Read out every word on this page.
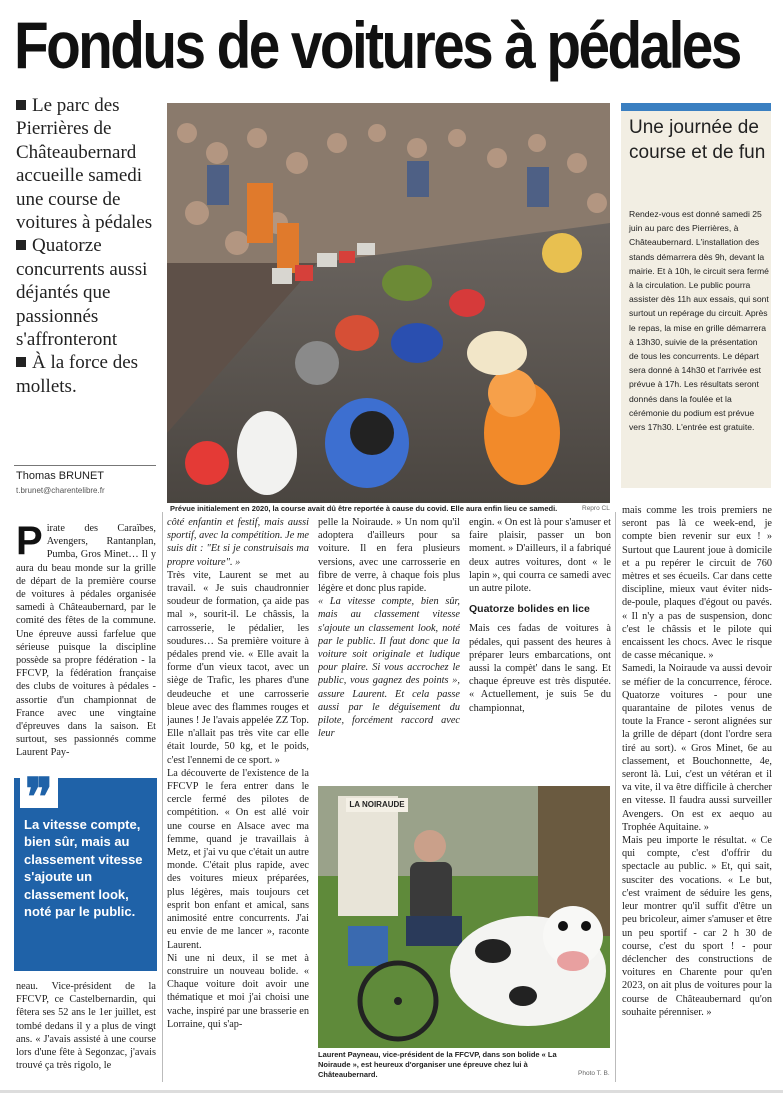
Fondus de voitures à pédales
Le parc des Pierrières de Châteaubernard accueille samedi une course de voitures à pédales
Quatorze concurrents aussi déjantés que passionnés s'affronteront
À la force des mollets.
Thomas BRUNET
t.brunet@charentelibre.fr
Prévue initialement en 2020, la course avait dû être reportée à cause du covid. Elle aura enfin lieu ce samedi.	Repro CL
Une journée de course et de fun
Rendez-vous est donné samedi 25 juin au parc des Pierrières, à Châteaubernard. L'installation des stands démarrera dès 9h, devant la mairie. Et à 10h, le circuit sera fermé à la circulation. Le public pourra assister dès 11h aux essais, qui sont surtout un repérage du circuit. Après le repas, la mise en grille démarrera à 13h30, suivie de la présentation de tous les concurrents. Le départ sera donné à 14h30 et l'arrivée est prévue à 17h. Les résultats seront donnés dans la foulée et la cérémonie du podium est prévue vers 17h30. L'entrée est gratuite.

Pirate des Caraïbes, Avengers, Rantanplan, Pumba, Gros Minet… Il y aura du beau monde sur la grille de départ de la première course de voitures à pédales organisée samedi à Châteaubernard, par le comité des fêtes de la commune. Une épreuve aussi farfelue que sérieuse puisque la discipline possède sa propre fédération - la FFCVP, la fédération française des clubs de voitures à pédales - assortie d'un championnat de France avec une vingtaine d'épreuves dans la saison. Et surtout, ses passionnés comme Laurent Pay-

❞
La vitesse compte, bien sûr, mais au classement vitesse s'ajoute un classement look, noté par le public.

neau. Vice-président de la FFCVP, ce Castelbernardin, qui fêtera ses 52 ans le 1er juillet, est tombé dedans il y a plus de vingt ans. « J'avais assisté à une course lors d'une fête à Segonzac, j'avais trouvé ça très rigolo, le

côté enfantin et festif, mais aussi sportif, avec la compétition. Je me suis dit : "Et si je construisais ma propre voiture". »

Très vite, Laurent se met au travail. « Je suis chaudronnier soudeur de formation, ça aide pas mal », sourit-il. Le châssis, la carrosserie, le pédalier, les soudures… Sa première voiture à pédales prend vie. « Elle avait la forme d'un vieux tacot, avec un siège de Trafic, les phares d'une deudeuche et une carrosserie bleue avec des flammes rouges et jaunes ! Je l'avais appelée ZZ Top. Elle n'allait pas très vite car elle était lourde, 50 kg, et le poids, c'est l'ennemi de ce sport. »

La découverte de l'existence de la FFCVP le fera entrer dans le cercle fermé des pilotes de compétition. « On est allé voir une course en Alsace avec ma femme, quand je travaillais à Metz, et j'ai vu que c'était un autre monde. C'était plus rapide, avec des voitures mieux préparées, plus légères, mais toujours cet esprit bon enfant et amical, sans animosité entre concurrents. J'ai eu envie de me lancer », raconte Laurent.

Ni une ni deux, il se met à construire un nouveau bolide. « Chaque voiture doit avoir une thématique et moi j'ai choisi une vache, inspiré par une brasserie en Lorraine, qui s'ap-

pelle la Noiraude. » Un nom qu'il adoptera d'ailleurs pour sa voiture. Il en fera plusieurs versions, avec une carrosserie en fibre de verre, à chaque fois plus légère et donc plus rapide.

« La vitesse compte, bien sûr, mais au classement vitesse s'ajoute un classement look, noté par le public. Il faut donc que la voiture soit originale et ludique pour plaire. Si vous accrochez le public, vous gagnez des points », assure Laurent. Et cela passe aussi par le déguisement du pilote, forcément raccord avec leur

engin. « On est là pour s'amuser et faire plaisir, passer un bon moment. » D'ailleurs, il a fabriqué deux autres voitures, dont « le lapin », qui courra ce samedi avec un autre pilote.

Quatorze bolides en lice

Mais ces fadas de voitures à pédales, qui passent des heures à préparer leurs embarcations, ont aussi la compèt' dans le sang. Et chaque épreuve est très disputée. « Actuellement, je suis 5e du championnat,

LA NOIRAUDE
Laurent Payneau, vice-président de la FFCVP, dans son bolide « La Noiraude », est heureux d'organiser une épreuve chez lui à Châteaubernard.	Photo T. B.

mais comme les trois premiers ne seront pas là ce week-end, je compte bien revenir sur eux ! » Surtout que Laurent joue à domicile et a pu repérer le circuit de 760 mètres et ses écueils. Car dans cette discipline, mieux vaut éviter nids-de-poule, plaques d'égout ou pavés. « Il n'y a pas de suspension, donc c'est le châssis et le pilote qui encaissent les chocs. Avec le risque de casse mécanique. »

Samedi, la Noiraude va aussi devoir se méfier de la concurrence, féroce. Quatorze voitures - pour une quarantaine de pilotes venus de toute la France - seront alignées sur la grille de départ (dont l'ordre sera tiré au sort). « Gros Minet, 6e au classement, et Bouchonnette, 4e, seront là. Lui, c'est un vétéran et il va vite, il va être difficile à chercher en vitesse. Il faudra aussi surveiller Avengers. On est ex aequo au Trophée Aquitaine. »

Mais peu importe le résultat. « Ce qui compte, c'est d'offrir du spectacle au public. » Et, qui sait, susciter des vocations. « Le but, c'est vraiment de séduire les gens, leur montrer qu'il suffit d'être un peu bricoleur, aimer s'amuser et être un peu sportif - car 2 h 30 de course, c'est du sport ! - pour déclencher des constructions de voitures en Charente pour qu'en 2023, on ait plus de voitures pour la course de Châteaubernard qu'on souhaite pérenniser. »
